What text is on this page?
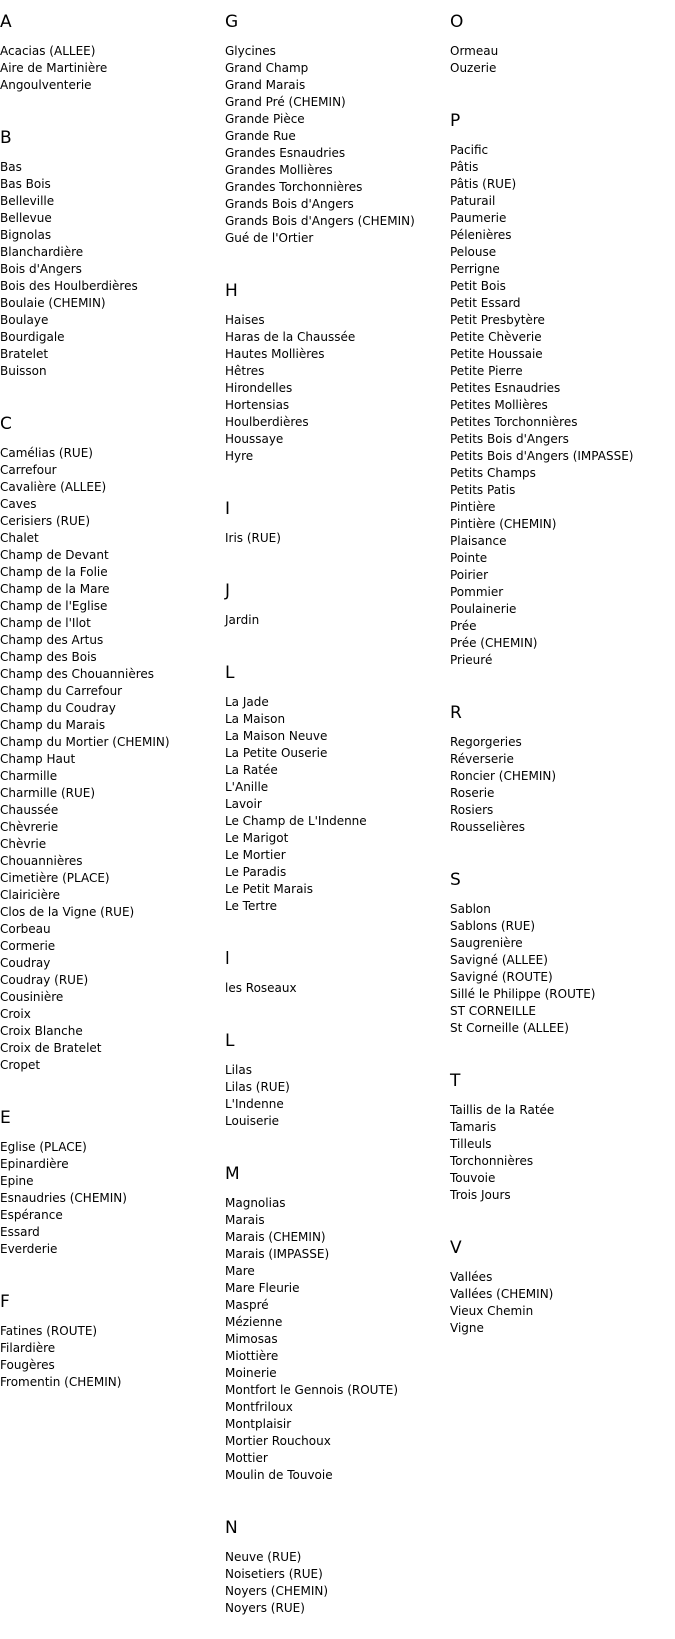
A
Acacias (ALLEE)
Aire de Martinière
Angoulventerie
B
Bas
Bas Bois
Belleville
Bellevue
Bignolas
Blanchardière
Bois d'Angers
Bois des Houlberdières
Boulaie (CHEMIN)
Boulaye
Bourdigale
Bratelet
Buisson
C
Camélias (RUE)
Carrefour
Cavalière (ALLEE)
Caves
Cerisiers (RUE)
Chalet
Champ de Devant
Champ de la Folie
Champ de la Mare
Champ de l'Eglise
Champ de l'Ilot
Champ des Artus
Champ des Bois
Champ des Chouannières
Champ du Carrefour
Champ du Coudray
Champ du Marais
Champ du Mortier (CHEMIN)
Champ Haut
Charmille
Charmille (RUE)
Chaussée
Chèvrerie
Chèvrie
Chouannières
Cimetière (PLACE)
Clairicière
Clos de la Vigne (RUE)
Corbeau
Cormerie
Coudray
Coudray (RUE)
Cousinière
Croix
Croix Blanche
Croix de Bratelet
Cropet
E
Eglise (PLACE)
Epinardière
Epine
Esnaudries (CHEMIN)
Espérance
Essard
Everderie
F
Fatines (ROUTE)
Filardière
Fougères
Fromentin (CHEMIN)
G
Glycines
Grand Champ
Grand Marais
Grand Pré (CHEMIN)
Grande Pièce
Grande Rue
Grandes Esnaudries
Grandes Mollières
Grandes Torchonnières
Grands Bois d'Angers
Grands Bois d'Angers (CHEMIN)
Gué de l'Ortier
H
Haises
Haras de la Chaussée
Hautes Mollières
Hêtres
Hirondelles
Hortensias
Houlberdières
Houssaye
Hyre
I
Iris (RUE)
J
Jardin
L
La Jade
La Maison
La Maison Neuve
La Petite Ouserie
La Ratée
L'Anille
Lavoir
Le Champ de L'Indenne
Le Marigot
Le Mortier
Le Paradis
Le Petit Marais
Le Tertre
l
les Roseaux
L
Lilas
Lilas (RUE)
L'Indenne
Louiserie
M
Magnolias
Marais
Marais (CHEMIN)
Marais (IMPASSE)
Mare
Mare Fleurie
Maspré
Mézienne
Mimosas
Miottière
Moinerie
Montfort le Gennois (ROUTE)
Montfriloux
Montplaisir
Mortier Rouchoux
Mottier
Moulin de Touvoie
N
Neuve (RUE)
Noisetiers (RUE)
Noyers (CHEMIN)
Noyers (RUE)
O
Ormeau
Ouzerie
P
Pacific
Pâtis
Pâtis (RUE)
Paturail
Paumerie
Pélenières
Pelouse
Perrigne
Petit Bois
Petit Essard
Petit Presbytère
Petite Chèverie
Petite Houssaie
Petite Pierre
Petites Esnaudries
Petites Mollières
Petites Torchonnières
Petits Bois d'Angers
Petits Bois d'Angers (IMPASSE)
Petits Champs
Petits Patis
Pintière
Pintière (CHEMIN)
Plaisance
Pointe
Poirier
Pommier
Poulainerie
Prée
Prée (CHEMIN)
Prieuré
R
Regorgeries
Réverserie
Roncier (CHEMIN)
Roserie
Rosiers
Rousselières
S
Sablon
Sablons (RUE)
Saugrenière
Savigné (ALLEE)
Savigné (ROUTE)
Sillé le Philippe (ROUTE)
ST CORNEILLE
St Corneille (ALLEE)
T
Taillis de la Ratée
Tamaris
Tilleuls
Torchonnières
Touvoie
Trois Jours
V
Vallées
Vallées (CHEMIN)
Vieux Chemin
Vigne
